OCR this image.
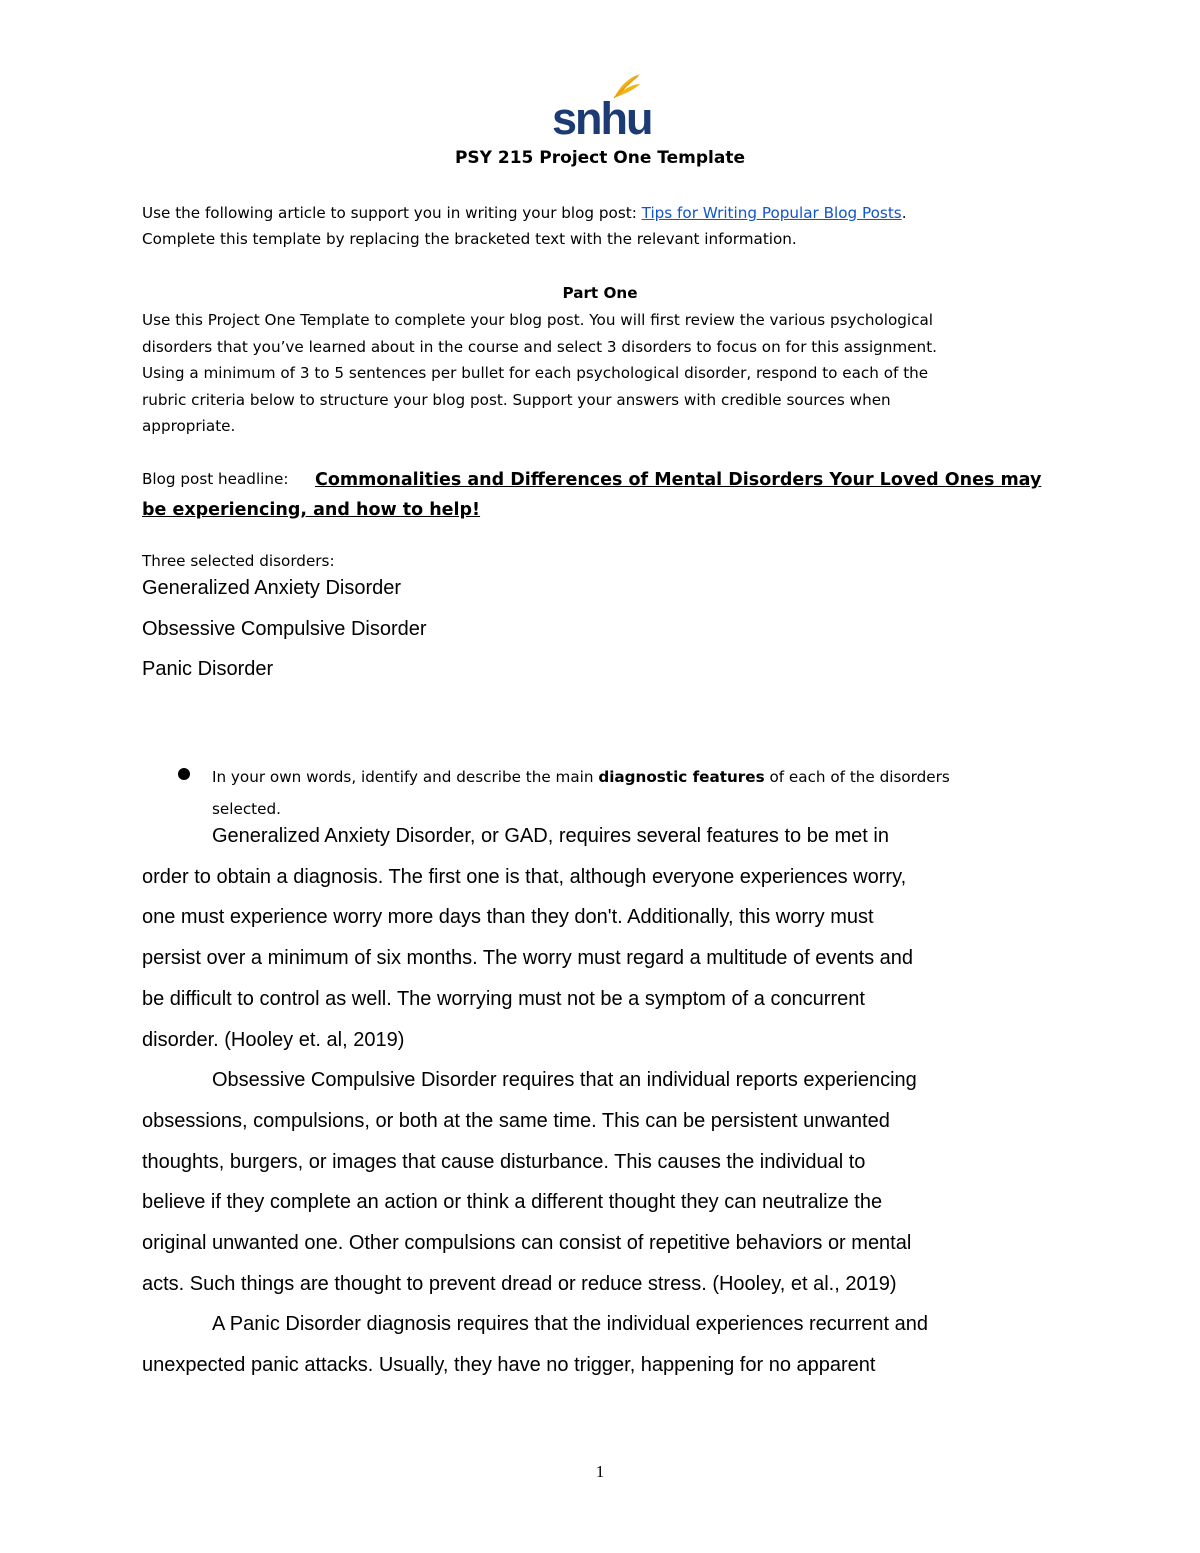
snhu
PSY 215 Project One Template
Use the following article to support you in writing your blog post: Tips for Writing Popular Blog Posts.
Complete this template by replacing the bracketed text with the relevant information.
Part One
Use this Project One Template to complete your blog post. You will first review the various psychological
disorders that you’ve learned about in the course and select 3 disorders to focus on for this assignment.
Using a minimum of 3 to 5 sentences per bullet for each psychological disorder, respond to each of the
rubric criteria below to structure your blog post. Support your answers with credible sources when
appropriate.
Blog post headline:	Commonalities and Differences of Mental Disorders Your Loved Ones may
be experiencing, and how to help!
Three selected disorders:
Generalized Anxiety Disorder
Obsessive Compulsive Disorder
Panic Disorder
In your own words, identify and describe the main diagnostic features of each of the disorders
selected.
Generalized Anxiety Disorder, or GAD, requires several features to be met in
order to obtain a diagnosis. The first one is that, although everyone experiences worry,
one must experience worry more days than they don't. Additionally, this worry must
persist over a minimum of six months. The worry must regard a multitude of events and
be difficult to control as well. The worrying must not be a symptom of a concurrent
disorder. (Hooley et. al, 2019)
Obsessive Compulsive Disorder requires that an individual reports experiencing
obsessions, compulsions, or both at the same time. This can be persistent unwanted
thoughts, burgers, or images that cause disturbance. This causes the individual to
believe if they complete an action or think a different thought they can neutralize the
original unwanted one. Other compulsions can consist of repetitive behaviors or mental
acts. Such things are thought to prevent dread or reduce stress. (Hooley, et al., 2019)
A Panic Disorder diagnosis requires that the individual experiences recurrent and
unexpected panic attacks. Usually, they have no trigger, happening for no apparent
1
